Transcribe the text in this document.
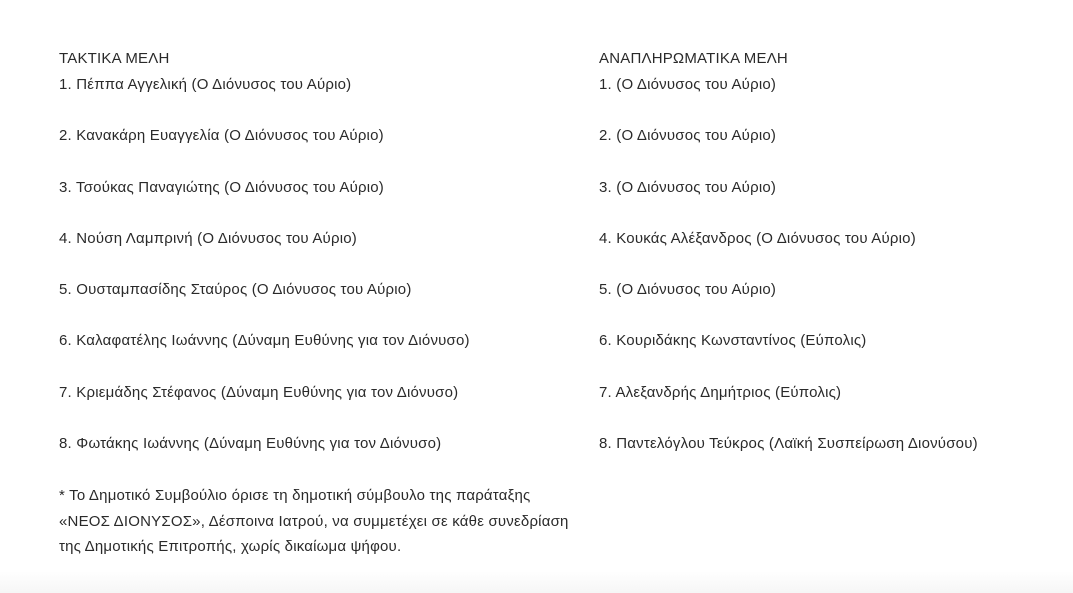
ΤΑΚΤΙΚΑ ΜΕΛΗ
1. Πέππα Αγγελική (Ο Διόνυσος του Αύριο)
2. Κανακάρη Ευαγγελία (Ο Διόνυσος του Αύριο)
3. Τσούκας Παναγιώτης (Ο Διόνυσος του Αύριο)
4. Νούση Λαμπρινή (Ο Διόνυσος του Αύριο)
5. Ουσταμπασίδης Σταύρος (Ο Διόνυσος του Αύριο)
6. Καλαφατέλης Ιωάννης (Δύναμη Ευθύνης για τον Διόνυσο)
7. Κριεμάδης Στέφανος (Δύναμη Ευθύνης για τον Διόνυσο)
8. Φωτάκης Ιωάννης (Δύναμη Ευθύνης για τον Διόνυσο)
ΑΝΑΠΛΗΡΩΜΑΤΙΚΑ ΜΕΛΗ
1. (Ο Διόνυσος του Αύριο)
2. (Ο Διόνυσος του Αύριο)
3. (Ο Διόνυσος του Αύριο)
4. Κουκάς Αλέξανδρος (Ο Διόνυσος του Αύριο)
5. (Ο Διόνυσος του Αύριο)
6. Κουριδάκης Κωνσταντίνος (Εύπολις)
7. Αλεξανδρής Δημήτριος (Εύπολις)
8. Παντελόγλου Τεύκρος (Λαϊκή Συσπείρωση Διονύσου)

* Το Δημοτικό Συμβούλιο όρισε τη δημοτική σύμβουλο της παράταξης «ΝΕΟΣ ΔΙΟΝΥΣΟΣ», Δέσποινα Ιατρού, να συμμετέχει σε κάθε συνεδρίαση της Δημοτικής Επιτροπής, χωρίς δικαίωμα ψήφου.
